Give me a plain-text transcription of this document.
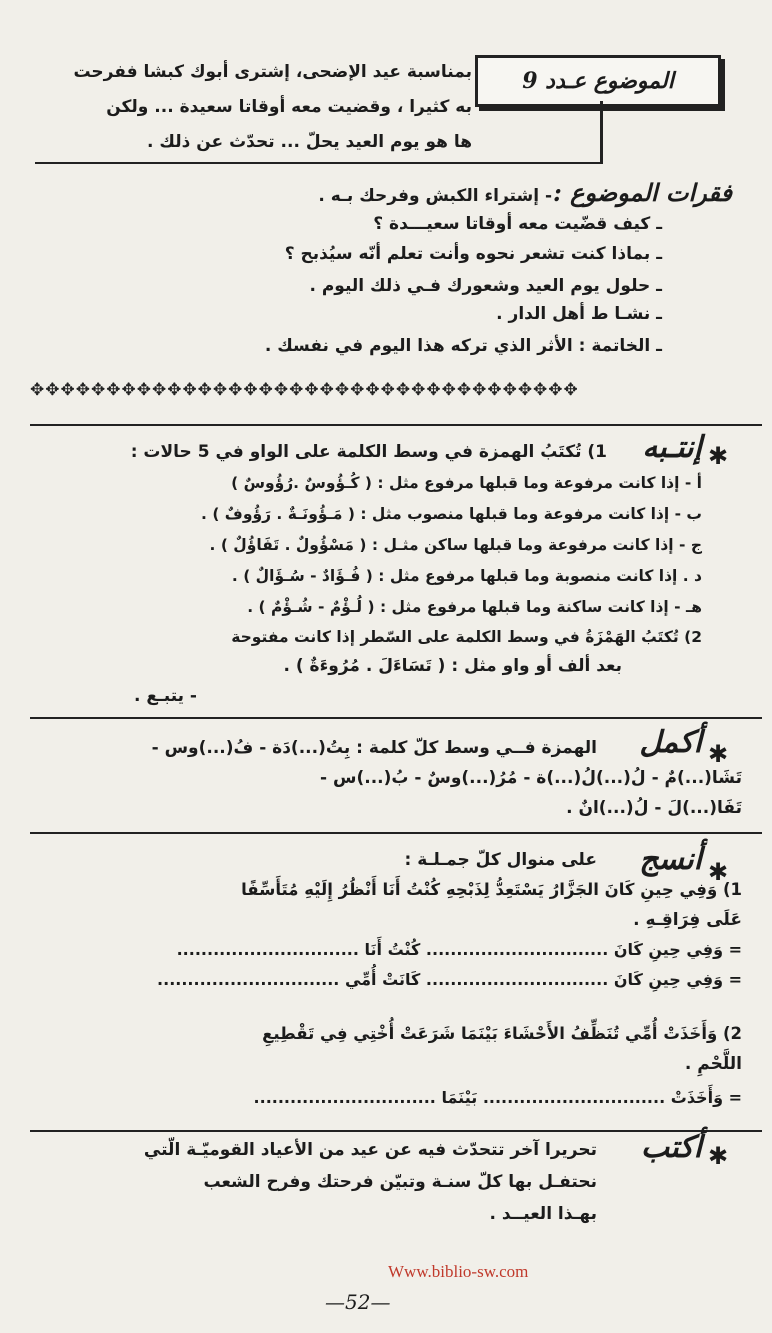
الموضوع عـدد 9
بمناسبة عيد الإضحى، إشترى أبوك كبشا ففرحت
به كثيرا ، وقضيت معه أوقاتا سعيدة ... ولكن
ها هو يوم العيد يحلّ ... تحدّث عن ذلك .
فقرات الموضوع :
- إشتراء الكبش وفرحك بـه .
ـ كيف قضّيت معه أوقاتا سعيـــدة ؟
ـ بماذا كنت تشعر نحوه وأنت تعلم أنّه سيُذبح ؟
ـ حلول يوم العيد وشعورك فـي ذلك اليوم .
ـ نشـا ط أهل الدار .
ـ الخاتمة : الأثر الذي تركه هذا اليوم في نفسك .
✥✥✥✥✥✥✥✥✥✥✥✥✥✥✥✥✥✥✥✥✥✥✥✥✥✥✥✥✥✥✥✥✥✥✥✥
✱
إنتـبه
1) تُكتَبُ الهمزة في وسط الكلمة على الواو في 5 حالات :
أ - إذا كانت مرفوعة وما قبلها مرفوع مثل : ( كُـؤُوسٌ .رُؤُوسٌ )
ب - إذا كانت مرفوعة وما قبلها منصوب مثل : ( مَـؤُونَـةٌ . رَؤُوفٌ ) .
ج - إذا كانت مرفوعة وما قبلها ساكن مثـل : ( مَسْؤُولٌ . تَفَاؤُلٌ ) .
د . إذا كانت منصوبة وما قبلها مرفوع مثل : ( فُـؤَادٌ - سُـؤَالٌ ) .
هـ - إذا كانت ساكنة وما قبلها مرفوع مثل : ( لُـؤْمٌ - شُـؤْمٌ ) .
2) تُكتَبُ الهَمْزَةُ في وسط الكلمة على السّطر إذا كانت مفتوحة
بعد ألف أو واو مثل : ( تَسَاءَلَ . مُرُوءَةٌ ) .
- يتبـع .
✱
أكمل
الهمزة فــي وسط كلّ كلمة : بِتُ(...)دَة - فُ(...)وس -
تَشَا(...)مٌ - لُ(...)لُ(...)ة - مُرُ(...)وسٌ - بُ(...)س -
تَفَا(...)لَ - لُ(...)انٌ .
✱
أنسج
على منوال كلّ جمـلـة :
1) وَفِي حِينِ كَانَ الجَزَّارُ يَسْتَعِدُّ لِذَبْحِهِ كُنْتُ أَنَا أَنْظُرُ إِلَيْهِ مُتَأَسِّفًا
عَلَى فِرَاقِـهِ .
= وَفِي حِينِ كَانَ .............................. كُنْتُ أَنَا ..............................
= وَفِي حِينِ كَانَ .............................. كَانَتْ أُمِّي ..............................
2) وَأَخَذَتْ أُمِّي تُنَظِّفُ الأَحْشَاءَ بَيْنَمَا شَرَعَتْ أُخْتِي فِي تَقْطِيعِ
اللَّحْمِ .
= وَأَخَذَتْ .............................. بَيْنَمَا ..............................
✱
أكتب
تحريرا آخر تتحدّث فيه عن عيد من الأعياد القوميّـة الّتي
نحتفـل بها كلّ سنـة وتبيّن فرحتك وفرح الشعب
بهـذا العيــد .
Www.biblio-sw.com
—52—
